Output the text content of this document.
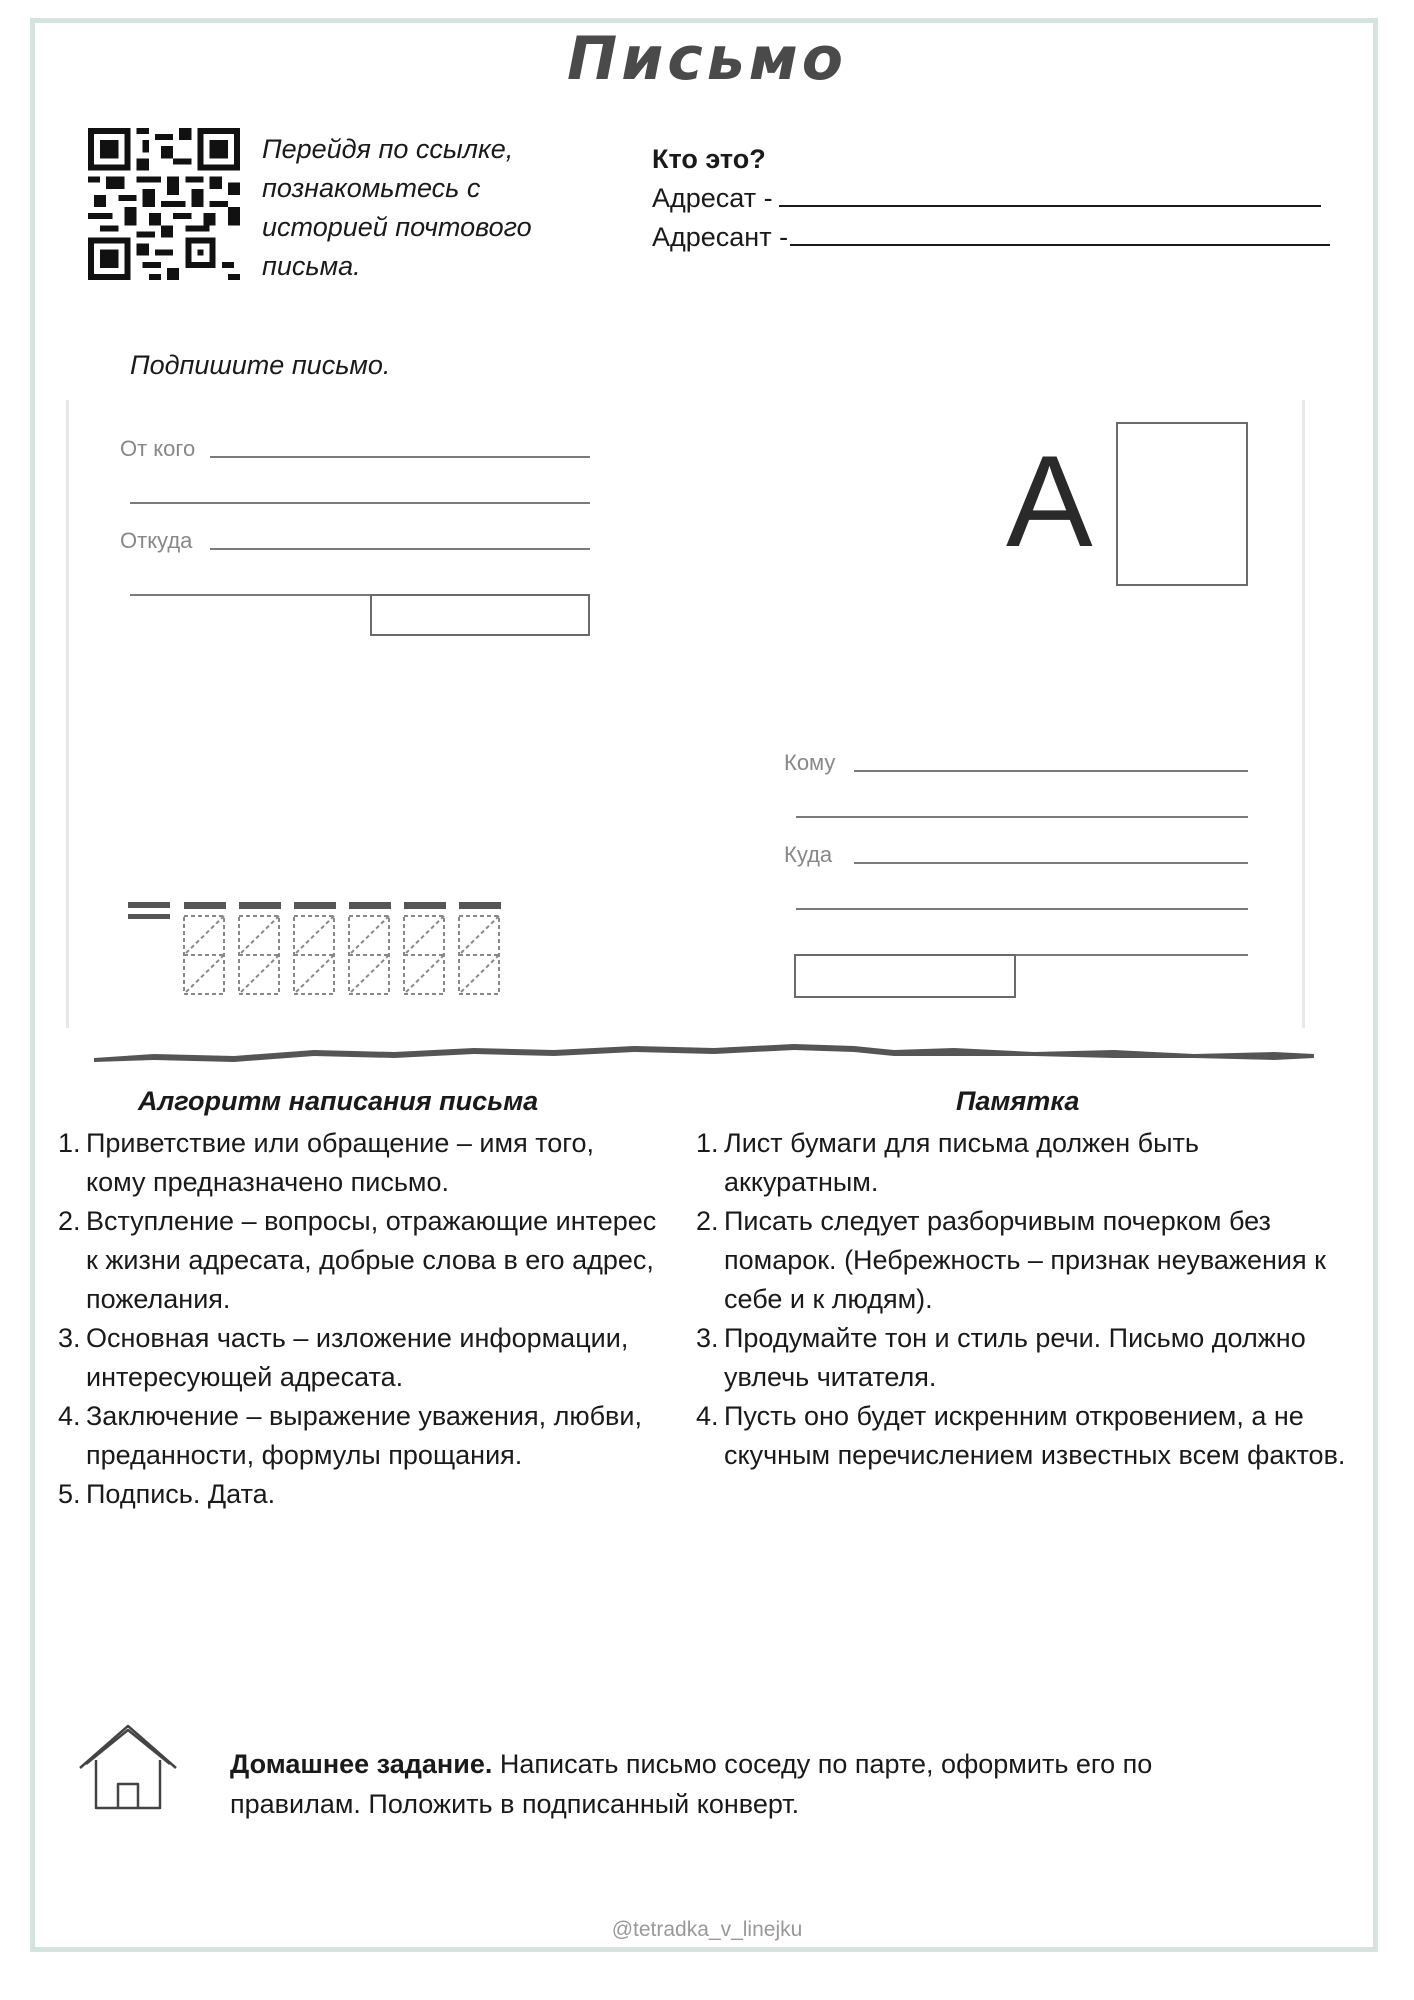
Письмо
Перейдя по ссылке, познакомьтесь с историей почтового письма.
Кто это?
Адресат -
Адресант -
Подпишите письмо.
От кого
Откуда	А
Кому
Куда
Алгоритм написания письма
1. Приветствие или обращение – имя того, кому предназначено письмо.
2. Вступление – вопросы, отражающие интерес к жизни адресата, добрые слова в его адрес, пожелания.
3. Основная часть – изложение информации, интересующей адресата.
4. Заключение – выражение уважения, любви, преданности, формулы прощания.
5. Подпись. Дата.
Памятка
1. Лист бумаги для письма должен быть аккуратным.
2. Писать следует разборчивым почерком без помарок. (Небрежность – признак неуважения к себе и к людям).
3. Продумайте тон и стиль речи. Письмо должно увлечь читателя.
4. Пусть оно будет искренним откровением, а не скучным перечислением известных всем фактов.
Домашнее задание. Написать письмо соседу по парте, оформить его по правилам. Положить в подписанный конверт.
@tetradka_v_linejku
